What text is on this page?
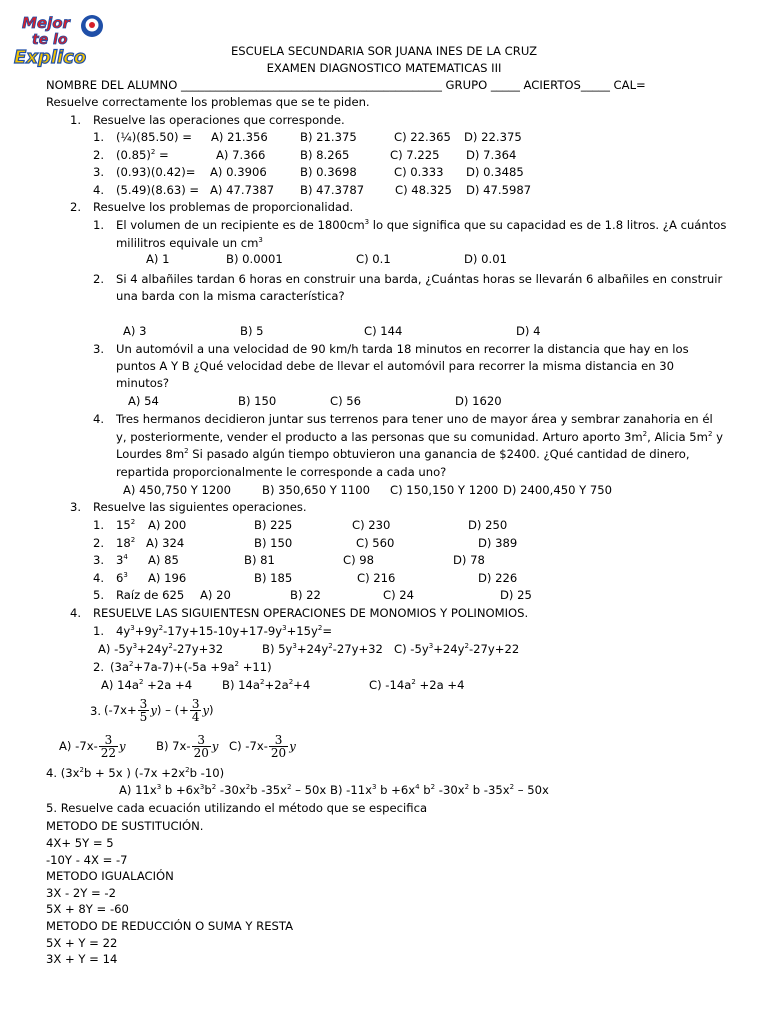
Mejor
te lo
Explico	ESCUELA SECUNDARIA SOR JUANA INES DE LA CRUZ
EXAMEN DIAGNOSTICO MATEMATICAS III
NOMBRE DEL ALUMNO _____________________________________________ GRUPO _____ ACIERTOS_____ CAL=
Resuelve correctamente los problemas que se te piden.
1. Resuelve las operaciones que corresponde.
1. (¼)(85.50) = A) 21.356	B) 21.375	C) 22.365 D) 22.375
2. $(0.85)^2$ =	A) 7.366	B) 8.265	C) 7.225 D) 7.364
3. (0.93)(0.42)= A) 0.3906	B) 0.3698	C) 0.333 D) 0.3485
4. (5.49)(8.63) = A) 47.7387 B) 47.3787	C) 48.325 D) 47.5987
2. Resuelve los problemas de proporcionalidad.
1. El volumen de un recipiente es de $1800cm^3$ lo que significa que su capacidad es de 1.8 litros. ¿A cuántos
mililitros equivale un $cm^3$
A) 1	B) 0.0001	C) 0.1	D) 0.01
2. Si 4 albañiles tardan 6 horas en construir una barda, ¿Cuántas horas se llevarán 6 albañiles en construir
una barda con la misma característica?
A) 3	B) 5	C) 144	D) 4
3. Un automóvil a una velocidad de 90 km/h tarda 18 minutos en recorrer la distancia que hay en los
puntos A Y B ¿Qué velocidad debe de llevar el automóvil para recorrer la misma distancia en 30
minutos?
A) 54	B) 150	C) 56	D) 1620
4. Tres hermanos decidieron juntar sus terrenos para tener uno de mayor área y sembrar zanahoria en él
y, posteriormente, vender el producto a las personas que su comunidad. Arturo aporto $3m^2$, Alicia $5m^2$ y
Lourdes $8m^2$ Si pasado algún tiempo obtuvieron una ganancia de $2400. ¿Qué cantidad de dinero,
repartida proporcionalmente le corresponde a cada uno?
A) 450,750 Y 1200	B) 350,650 Y 1100 C) 150,150 Y 1200 D) 2400,450 Y 750
3. Resuelve las siguientes operaciones.
1. $15^2$ A) 200	B) 225	C) 230	D) 250
2. $18^2$ A) 324	B) 150	C) 560	D) 389
3. $3^4$ A) 85	B) 81	C) 98	D) 78
4. $6^3$ A) 196	B) 185	C) 216	D) 226
5. Raíz de 625 A) 20	B) 22	C) 24	D) 25
4. RESUELVE LAS SIGUIENTESN OPERACIONES DE MONOMIOS Y POLINOMIOS.
1. $4y^3+9y^2-17y+15-10y+17-9y^3+15y^2=$
A) $-5y^3+24y^2-27y+32$	B) $5y^3+24y^2-27y+32$ C) $-5y^3+24y^2-27y+22$
2. $(3a^2+7a-7)+(-5a +9a^2 +11)$
A) $14a^2 +2a +4$	B) $14a^2+2a^2+4$	C) $-14a^2 +2a +4$
3. $(-7x+ \frac{3}{5} y)$ – (+ $\frac{3}{4} y$)
A) $-7x- \frac{3}{22}$ y	B) $7x- \frac{3}{20}$ y C) $-7x- \frac{3}{20}$ y
4. ($3x^2b + 5x$ ) ($-7x +2x^2b$ -10)
A) $11x^3$ $b +6x^3b^2$ $-30x^2b$ $-35x^2 - 50x$ B) $-11x^3$ $b +6x^4$ $b^2$ $-30x^2$ b $-35x^2 - 50x$
5. Resuelve cada ecuación utilizando el método que se especifica
METODO DE SUSTITUCIÓN.
4X+ 5Y = 5
-10Y - 4X = -7
METODO IGUALACIÓN
3X - 2Y = -2
5X + 8Y = -60
METODO DE REDUCCIÓN O SUMA Y RESTA
5X + Y = 22
3X + Y = 14
